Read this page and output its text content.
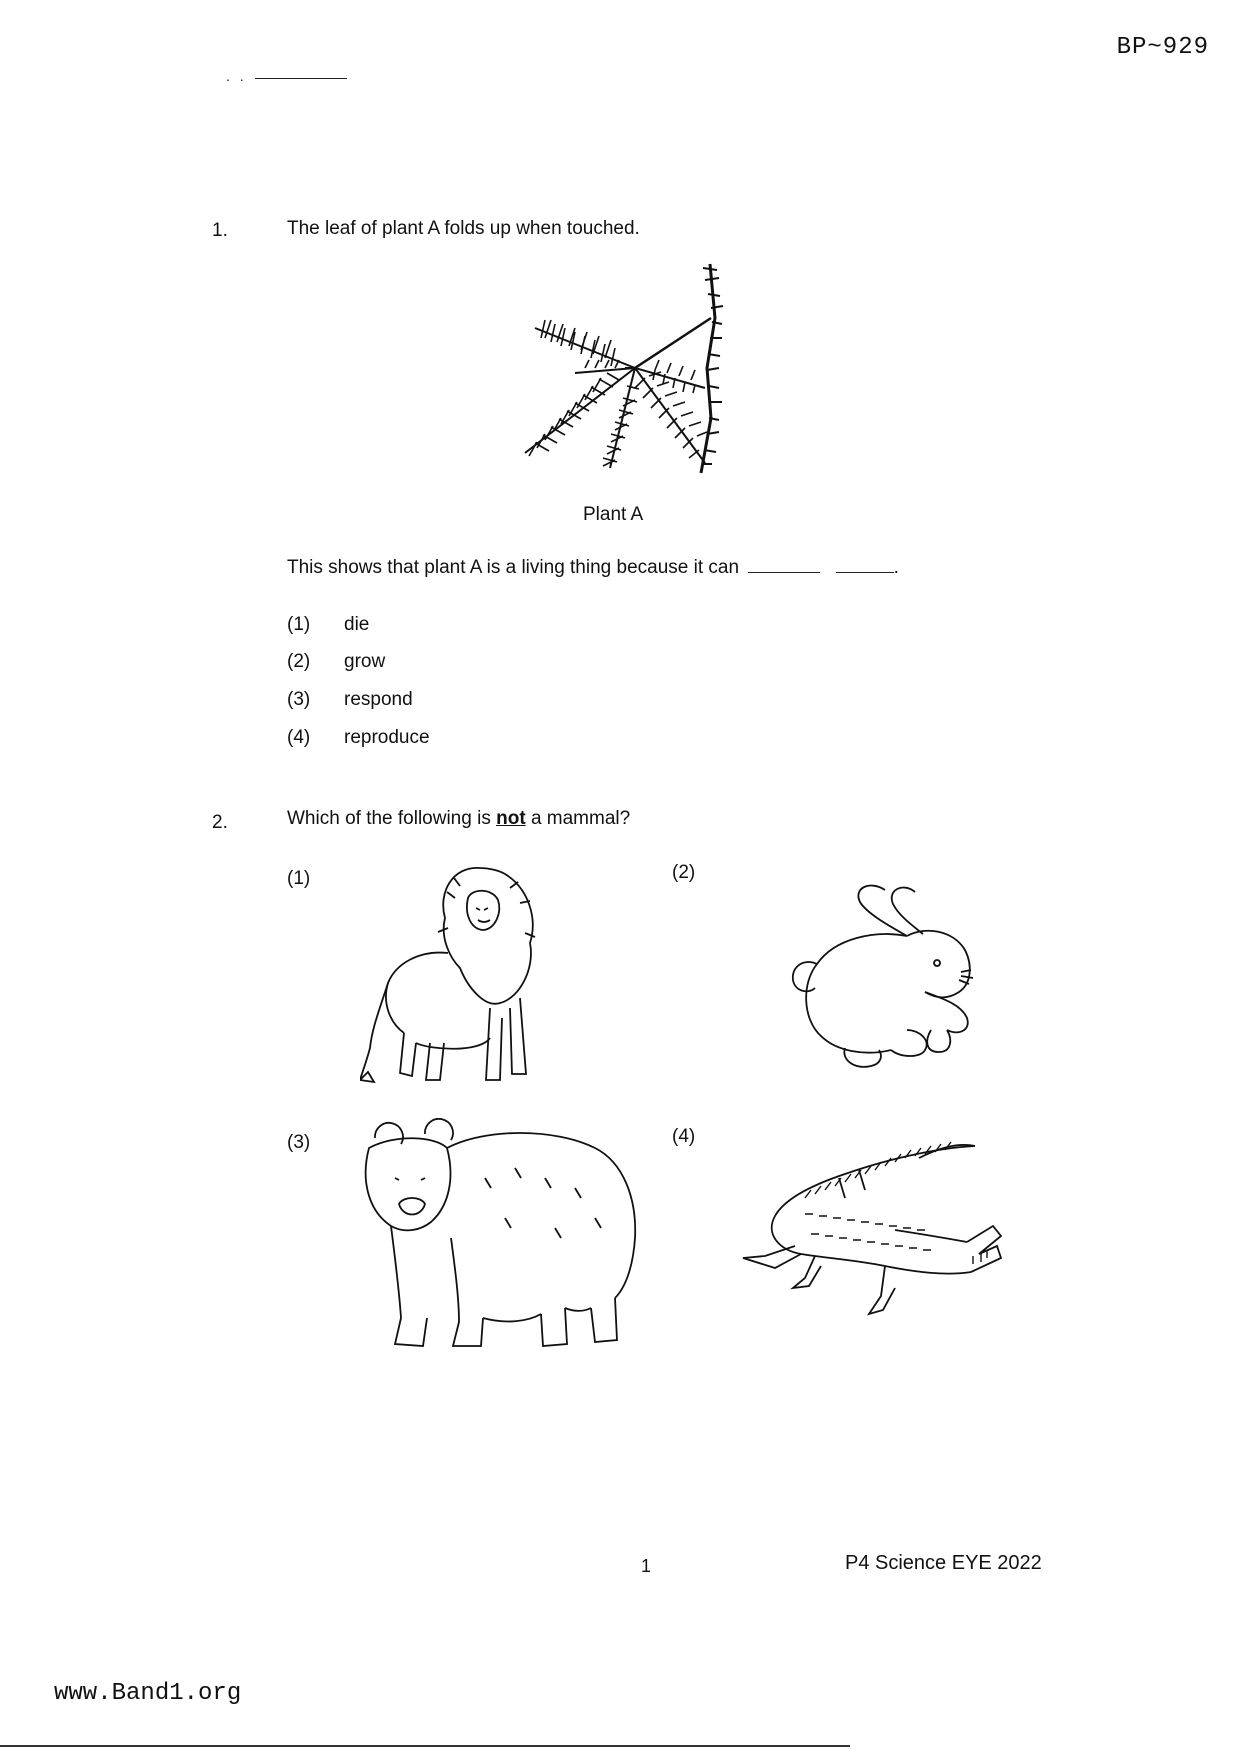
. .
BP~929
1.	The leaf of plant A folds up when touched.
Plant A
This shows that plant A is a living thing because it can	.
(1) die
(2) grow
(3) respond
(4) reproduce
2.	Which of the following is not a mammal?
(1)	(2)
(3)	(4)
1	P4 Science EYE 2022
www.Band1.org
